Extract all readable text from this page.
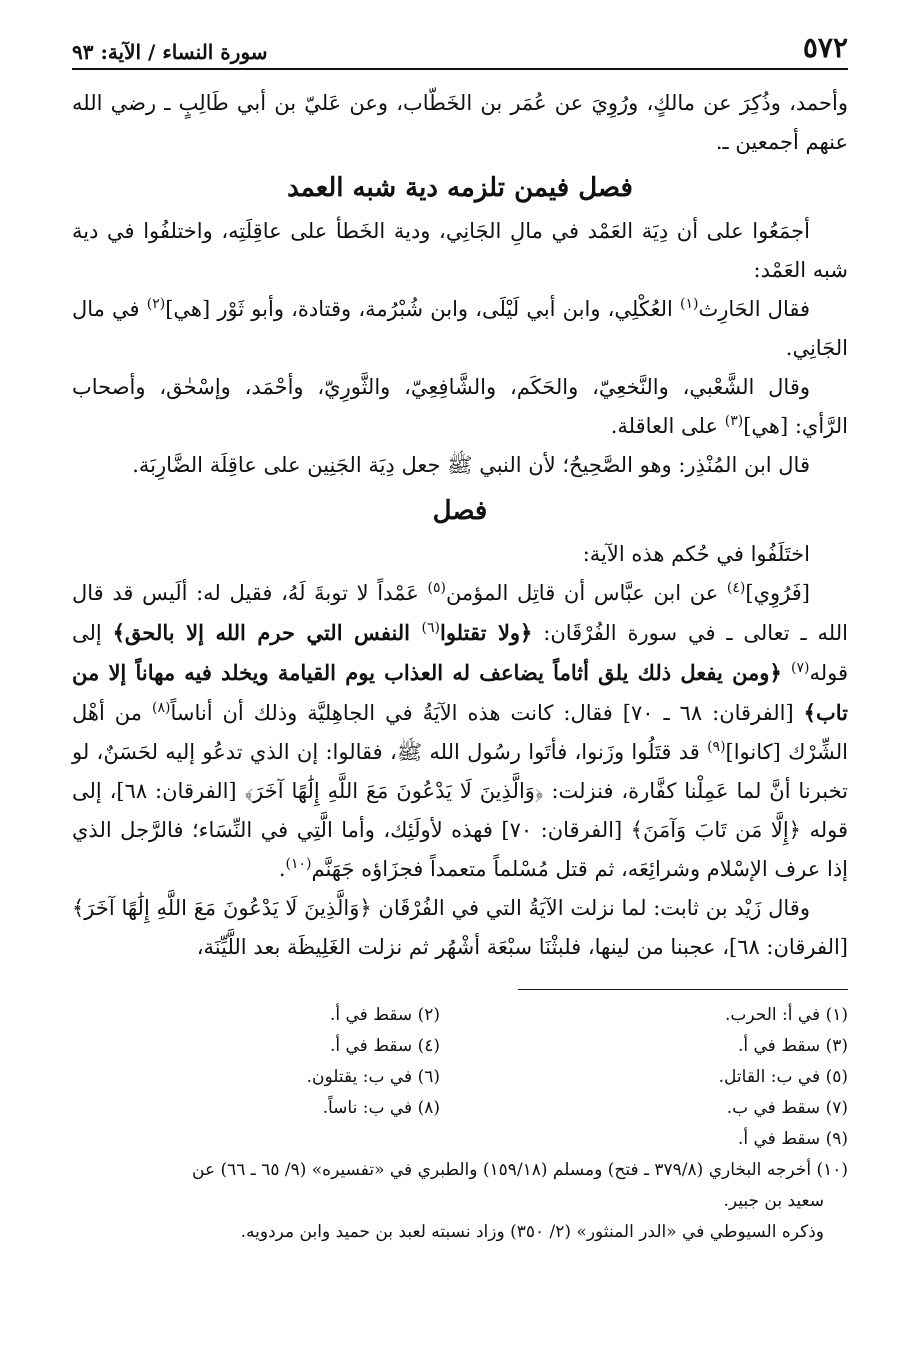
٥٧٢
سورة النساء / الآية: ٩٣

وأحمد، وذُكِرَ عن مالكٍ، ورُوِيَ عن عُمَر بن الخَطّاب، وعن عَليّ بن أبي طَالِبٍ ـ رضي الله عنهم أجمعين ـ.

فصل فيمن تلزمه دية شبه العمد

أجمَعُوا على أن دِيَة العَمْد في مالِ الجَانِي، ودية الخَطأ على عاقِلَتِه، واختلفُوا في دية شبه العَمْد:

فقال الحَارِث$^{(١)}$ العُكْلِي، وابن أبي لَيْلَى، وابن شُبْرُمة، وقتادة، وأبو ثَوْر [هي]$^{(٢)}$ في مال الجَانِي.

وقال الشَّعْبي، والنَّخعِيّ، والحَكَم، والشَّافِعِيّ، والثَّورِيّ، وأحْمَد، وإسْحٰق، وأصحاب الرَّأي: [هي]$^{(٣)}$ على العاقلة.

قال ابن المُنْذِر: وهو الصَّحِيحُ؛ لأن النبي ﷺ جعل دِيَة الجَنِين على عاقِلَة الضَّارِبَة.

فصل

اختَلَفُوا في حُكم هذه الآية:

[فَرُوِي]$^{(٤)}$ عن ابن عبَّاس أن قاتِل المؤمن$^{(٥)}$ عَمْداً لا توبةَ لَهُ، فقيل له: ألَيس قد قال الله ـ تعالى ـ في سورة الفُرْقَان: ﴿ولا تقتلوا$^{(٦)}$ النفس التي حرم الله إلا بالحق﴾ إلى قوله$^{(٧)}$ ﴿ومن يفعل ذلك يلق أثاماً يضاعف له العذاب يوم القيامة ويخلد فيه مهاناً إلا من تاب﴾ [الفرقان: ٦٨ ـ ٧٠] فقال: كانت هذه الآيَةُ في الجاهِليَّة وذلك أن أناساً$^{(٨)}$ من أهْل الشِّرْك [كانوا]$^{(٩)}$ قد قتَلُوا وزَنوا، فأتَوا رسُول الله ﷺ، فقالوا: إن الذي تدعُو إليه لحَسَنٌ، لو تخبرنا أنَّ لما عَمِلْنا كفَّارة، فنزلت: ﴿وَالَّذِينَ لَا يَدْعُونَ مَعَ اللَّهِ إِلَٰهًا آخَرَ﴾ [الفرقان: ٦٨]، إلى قوله ﴿إِلَّا مَن تَابَ وَآمَنَ﴾ [الفرقان: ٧٠] فهذه لأولَئِك، وأما الَّتِي في النِّسَاء؛ فالرَّجل الذي إذا عرف الإسْلام وشرائِعَه، ثم قتل مُسْلماً متعمداً فجزَاؤه جَهَنَّم$^{(١٠)}$.

وقال زَيْد بن ثابت: لما نزلت الآيَةُ التي في الفُرْقَان ﴿وَالَّذِينَ لَا يَدْعُونَ مَعَ اللَّهِ إِلَٰهًا آخَرَ﴾ [الفرقان: ٦٨]، عجبنا من لينها، فلبثْنَا سبْعَة أشْهُر ثم نزلت الغَلِيظَة بعد اللَّيِّنَة،

(١) في أ: الحرب.
(٢) سقط في أ.
(٣) سقط في أ.
(٤) سقط في أ.
(٥) في ب: القاتل.
(٦) في ب: يقتلون.
(٧) سقط في ب.
(٨) في ب: ناساً.
(٩) سقط في أ.

(١٠) أخرجه البخاري (٣٧٩/٨ ـ فتح) ومسلم (١٥٩/١٨) والطبري في «تفسيره» (٩/ ٦٥ ـ ٦٦) عن

سعيد بن جبير.

وذكره السيوطي في «الدر المنثور» (٢/ ٣٥٠) وزاد نسبته لعبد بن حميد وابن مردويه.
